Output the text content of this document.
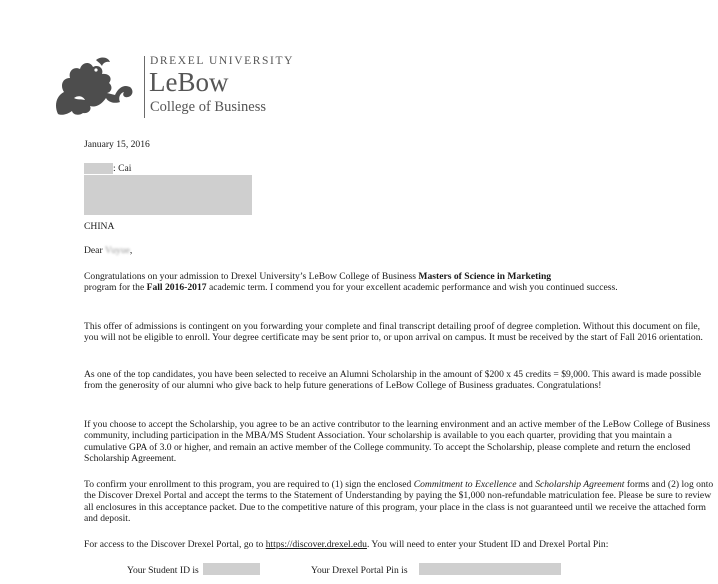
DREXEL UNIVERSITY
LeBow
College of Business
January 15, 2016
: Cai
CHINA
Dear Vuyue,
Congratulations on your admission to Drexel University’s LeBow College of Business Masters of Science in Marketing
program for the Fall 2016-2017 academic term. I commend you for your excellent academic performance and wish you continued success.
This offer of admissions is contingent on you forwarding your complete and final transcript detailing proof of degree completion. Without this document on file, you will not be eligible to enroll. Your degree certificate may be sent prior to, or upon arrival on campus. It must be received by the start of Fall 2016 orientation.
As one of the top candidates, you have been selected to receive an Alumni Scholarship in the amount of $200 x 45 credits = $9,000. This award is made possible from the generosity of our alumni who give back to help future generations of LeBow College of Business graduates. Congratulations!
If you choose to accept the Scholarship, you agree to be an active contributor to the learning environment and an active member of the LeBow College of Business community, including participation in the MBA/MS Student Association. Your scholarship is available to you each quarter, providing that you maintain a cumulative GPA of 3.0 or higher, and remain an active member of the College community. To accept the Scholarship, please complete and return the enclosed Scholarship Agreement.
To confirm your enrollment to this program, you are required to (1) sign the enclosed Commitment to Excellence and Scholarship Agreement forms and (2) log onto the Discover Drexel Portal and accept the terms to the Statement of Understanding by paying the $1,000 non-refundable matriculation fee. Please be sure to review all enclosures in this acceptance packet. Due to the competitive nature of this program, your place in the class is not guaranteed until we receive the attached form and deposit.
For access to the Discover Drexel Portal, go to https://discover.drexel.edu. You will need to enter your Student ID and Drexel Portal Pin:
Your Student ID is	Your Drexel Portal Pin is
